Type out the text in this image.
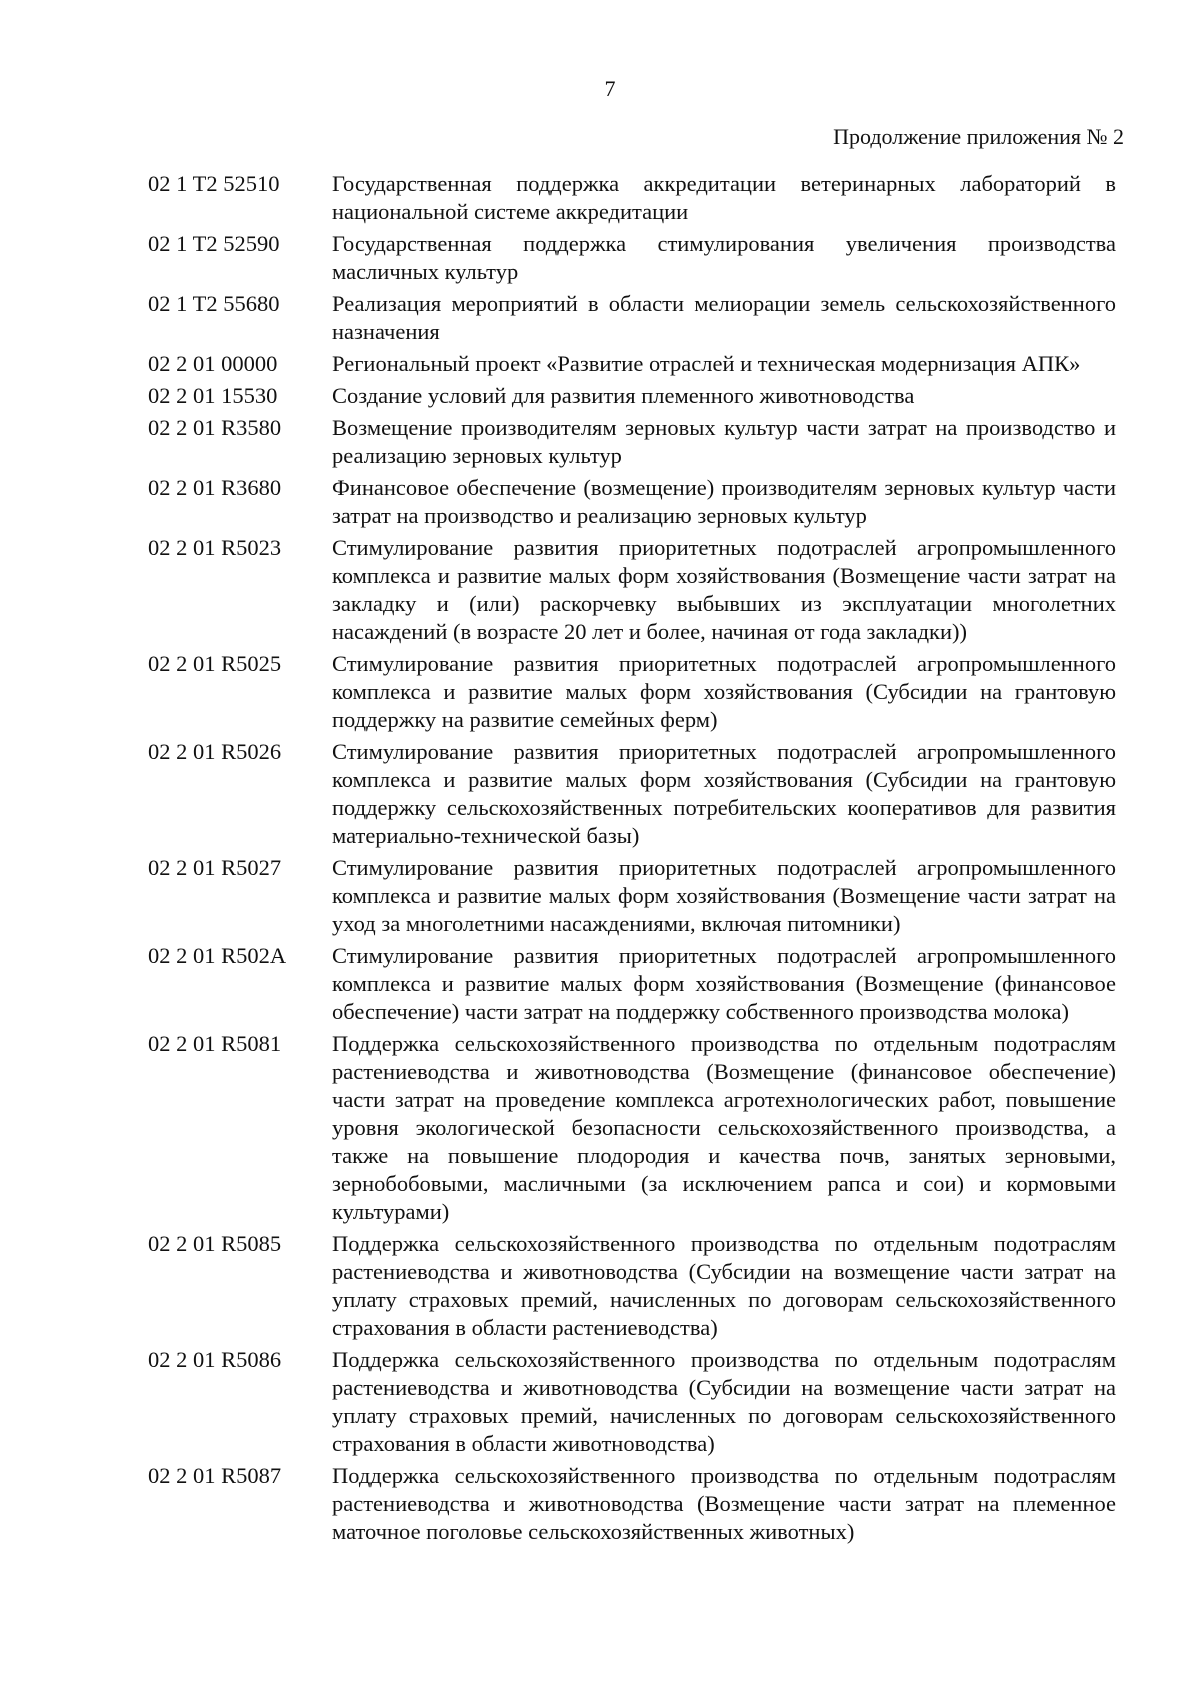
7
Продолжение приложения № 2
02 1 T2 52510	Государственная поддержка аккредитации ветеринарных лабораторий в национальной системе аккредитации
02 1 T2 52590	Государственная поддержка стимулирования увеличения производства масличных культур
02 1 T2 55680	Реализация мероприятий в области мелиорации земель сельскохозяйственного назначения
02 2 01 00000	Региональный проект «Развитие отраслей и техническая модернизация АПК»
02 2 01 15530	Создание условий для развития племенного животноводства
02 2 01 R3580	Возмещение производителям зерновых культур части затрат на производство и реализацию зерновых культур
02 2 01 R3680	Финансовое обеспечение (возмещение) производителям зерновых культур части затрат на производство и реализацию зерновых культур
02 2 01 R5023	Стимулирование развития приоритетных подотраслей агропромышленного комплекса и развитие малых форм хозяйствования (Возмещение части затрат на закладку и (или) раскорчевку выбывших из эксплуатации многолетних насаждений (в возрасте 20 лет и более, начиная от года закладки))
02 2 01 R5025	Стимулирование развития приоритетных подотраслей агропромышленного комплекса и развитие малых форм хозяйствования (Субсидии на грантовую поддержку на развитие семейных ферм)
02 2 01 R5026	Стимулирование развития приоритетных подотраслей агропромышленного комплекса и развитие малых форм хозяйствования (Субсидии на грантовую поддержку сельскохозяйственных потребительских кооперативов для развития материально-технической базы)
02 2 01 R5027	Стимулирование развития приоритетных подотраслей агропромышленного комплекса и развитие малых форм хозяйствования (Возмещение части затрат на уход за многолетними насаждениями, включая питомники)
02 2 01 R502A	Стимулирование развития приоритетных подотраслей агропромышленного комплекса и развитие малых форм хозяйствования (Возмещение (финансовое обеспечение) части затрат на поддержку собственного производства молока)
02 2 01 R5081	Поддержка сельскохозяйственного производства по отдельным подотраслям растениеводства и животноводства (Возмещение (финансовое обеспечение) части затрат на проведение комплекса агротехнологических работ, повышение уровня экологической безопасности сельскохозяйственного производства, а также на повышение плодородия и качества почв, занятых зерновыми, зернобобовыми, масличными (за исключением рапса и сои) и кормовыми культурами)
02 2 01 R5085	Поддержка сельскохозяйственного производства по отдельным подотраслям растениеводства и животноводства (Субсидии на возмещение части затрат на уплату страховых премий, начисленных по договорам сельскохозяйственного страхования в области растениеводства)
02 2 01 R5086	Поддержка сельскохозяйственного производства по отдельным подотраслям растениеводства и животноводства (Субсидии на возмещение части затрат на уплату страховых премий, начисленных по договорам сельскохозяйственного страхования в области животноводства)
02 2 01 R5087	Поддержка сельскохозяйственного производства по отдельным подотраслям растениеводства и животноводства (Возмещение части затрат на племенное маточное поголовье сельскохозяйственных животных)
